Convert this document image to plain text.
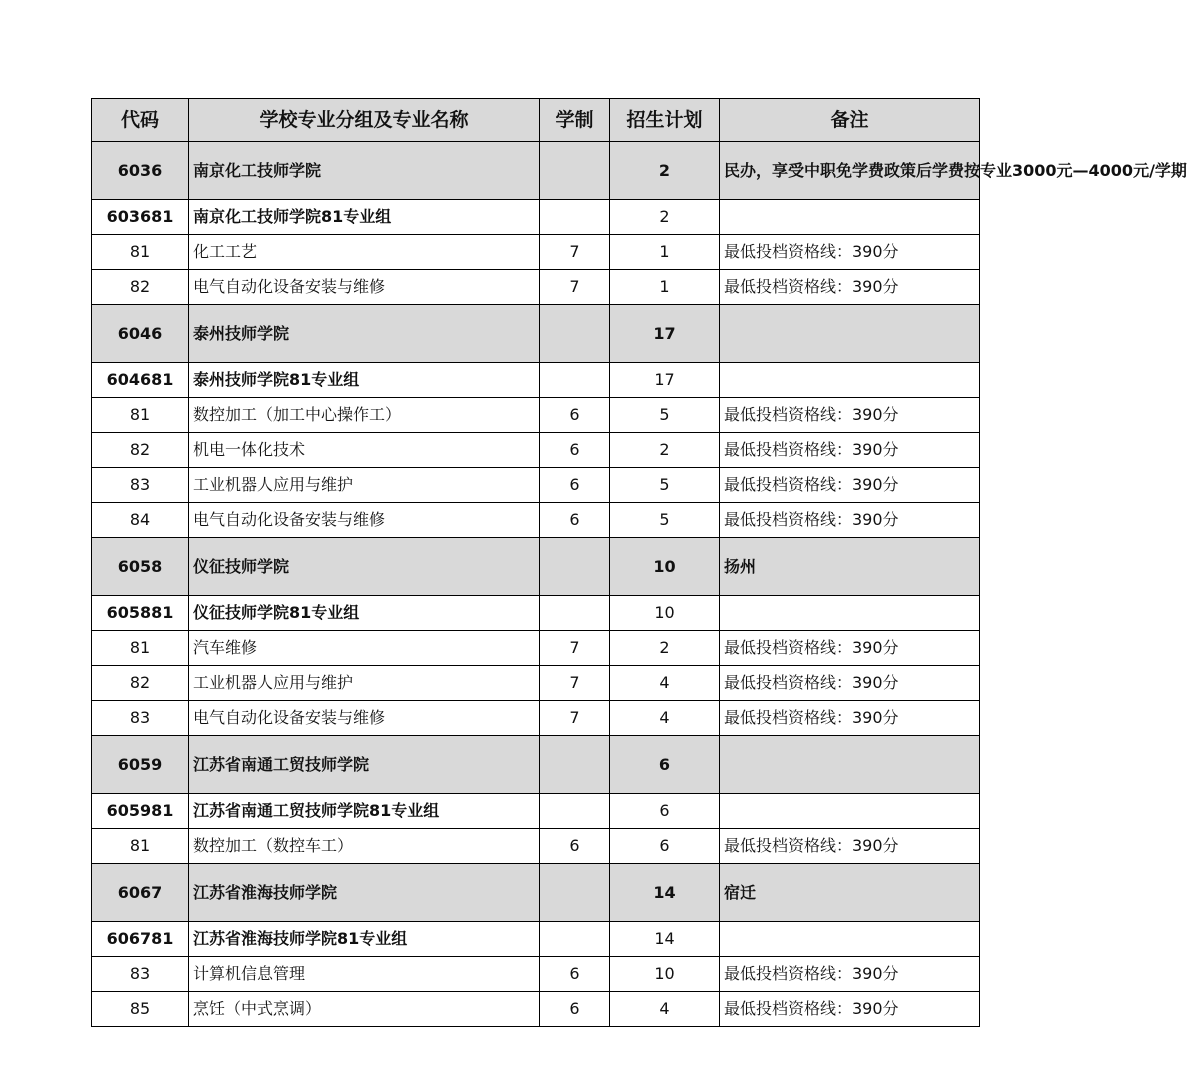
代码	学校专业分组及专业名称	学制	招生计划	备注
6036	南京化工技师学院		2	民办，享受中职免学费政策后学费按专业3000元—4000元/学期
603681	南京化工技师学院81专业组		2	
81	化工工艺	7	1	最低投档资格线：390分
82	电气自动化设备安装与维修	7	1	最低投档资格线：390分
6046	泰州技师学院		17	
604681	泰州技师学院81专业组		17	
81	数控加工（加工中心操作工）	6	5	最低投档资格线：390分
82	机电一体化技术	6	2	最低投档资格线：390分
83	工业机器人应用与维护	6	5	最低投档资格线：390分
84	电气自动化设备安装与维修	6	5	最低投档资格线：390分
6058	仪征技师学院		10	扬州
605881	仪征技师学院81专业组		10	
81	汽车维修	7	2	最低投档资格线：390分
82	工业机器人应用与维护	7	4	最低投档资格线：390分
83	电气自动化设备安装与维修	7	4	最低投档资格线：390分
6059	江苏省南通工贸技师学院		6	
605981	江苏省南通工贸技师学院81专业组		6	
81	数控加工（数控车工）	6	6	最低投档资格线：390分
6067	江苏省淮海技师学院		14	宿迁
606781	江苏省淮海技师学院81专业组		14	
83	计算机信息管理	6	10	最低投档资格线：390分
85	烹饪（中式烹调）	6	4	最低投档资格线：390分
